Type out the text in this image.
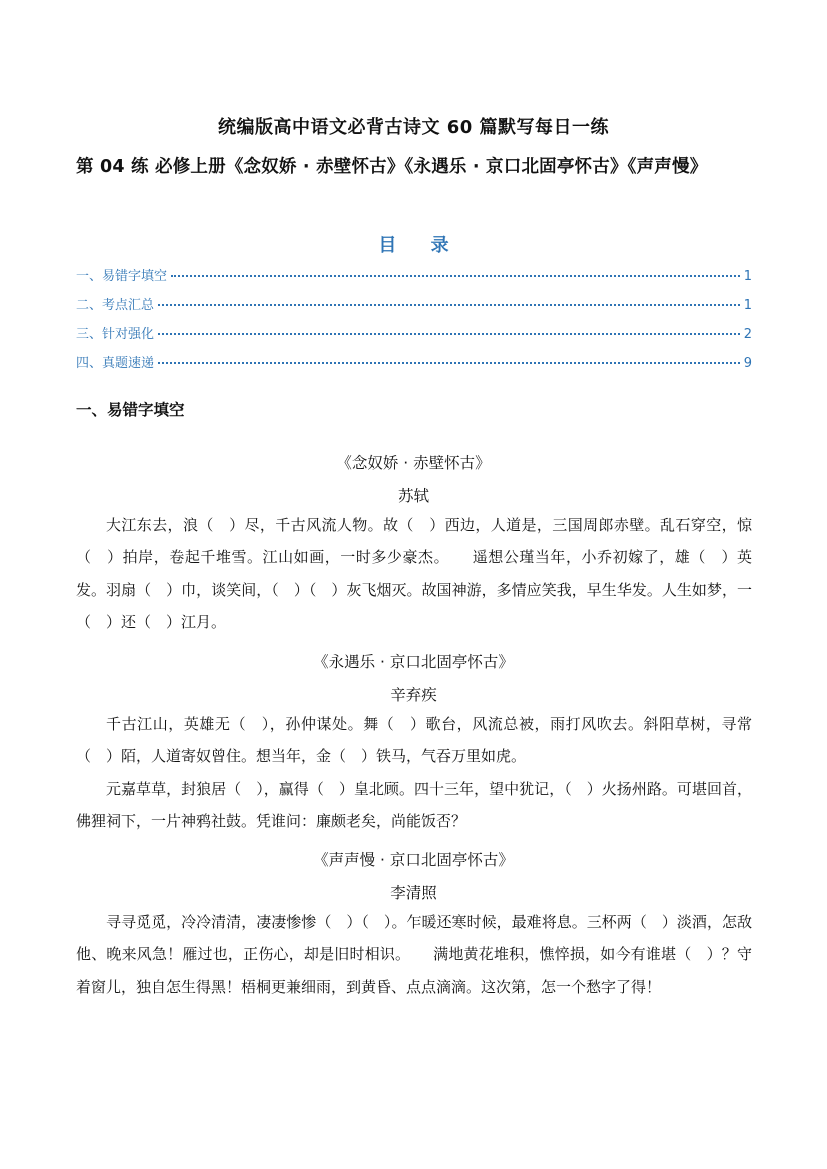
统编版高中语文必背古诗文 60 篇默写每日一练
第 04 练 必修上册《念奴娇 · 赤壁怀古》《永遇乐 · 京口北固亭怀古》《声声慢》
目 录
一、易错字填空	1
二、考点汇总	1
三、针对强化	2
四、真题速递	9
一、易错字填空
《念奴娇 · 赤壁怀古》
苏轼
大江东去，浪（　）尽，千古风流人物。故（　）西边，人道是，三国周郎赤壁。乱石穿空，惊（　）拍岸，卷起千堆雪。江山如画，一时多少豪杰。　　遥想公瑾当年，小乔初嫁了，雄（　）英发。羽扇（　）巾，谈笑间，（　）（　）灰飞烟灭。故国神游，多情应笑我，早生华发。人生如梦，一（　）还（　）江月。
《永遇乐 · 京口北固亭怀古》
辛弃疾
千古江山，英雄无（　），孙仲谋处。舞（　）歌台，风流总被，雨打风吹去。斜阳草树，寻常（　）陌，人道寄奴曾住。想当年，金（　）铁马，气吞万里如虎。
元嘉草草，封狼居（　），赢得（　）皇北顾。四十三年，望中犹记，（　）火扬州路。可堪回首，佛狸祠下，一片神鸦社鼓。凭谁问：廉颇老矣，尚能饭否？
《声声慢 · 京口北固亭怀古》
李清照
寻寻觅觅，冷冷清清，凄凄惨惨（　）（　）。乍暖还寒时候，最难将息。三杯两（　）淡酒，怎敌他、晚来风急！雁过也，正伤心，却是旧时相识。　　满地黄花堆积，憔悴损，如今有谁堪（　）？守着窗儿，独自怎生得黑！梧桐更兼细雨，到黄昏、点点滴滴。这次第，怎一个愁字了得！
